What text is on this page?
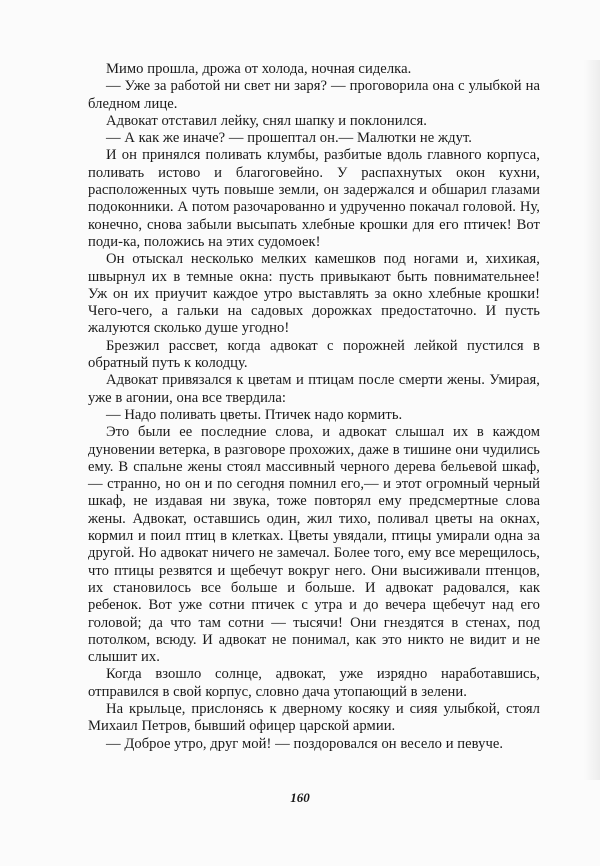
Мимо прошла, дрожа от холода, ночная сиделка.

— Уже за работой ни свет ни заря? — проговорила она с улыбкой на бледном лице.

Адвокат отставил лейку, снял шапку и поклонился.

— А как же иначе? — прошептал он.— Малютки не ждут.

И он принялся поливать клумбы, разбитые вдоль главного корпуса, поливать истово и благоговейно. У распахнутых окон кухни, расположенных чуть повыше земли, он задержался и обшарил глазами подоконники. А потом разочарованно и удрученно покачал головой. Ну, конечно, снова забыли высыпать хлебные крошки для его птичек! Вот поди-ка, положись на этих судомоек!

Он отыскал несколько мелких камешков под ногами и, хихикая, швырнул их в темные окна: пусть привыкают быть повнимательнее! Уж он их приучит каждое утро выставлять за окно хлебные крошки! Чего-чего, а гальки на садовых дорожках предостаточно. И пусть жалуются сколько душе угодно!

Брезжил рассвет, когда адвокат с порожней лейкой пустился в обратный путь к колодцу.

Адвокат привязался к цветам и птицам после смерти жены. Умирая, уже в агонии, она все твердила:

— Надо поливать цветы. Птичек надо кормить.

Это были ее последние слова, и адвокат слышал их в каждом дуновении ветерка, в разговоре прохожих, даже в тишине они чудились ему. В спальне жены стоял массивный черного дерева бельевой шкаф,— странно, но он и по сегодня помнил его,— и этот огромный черный шкаф, не издавая ни звука, тоже повторял ему предсмертные слова жены. Адвокат, оставшись один, жил тихо, поливал цветы на окнах, кормил и поил птиц в клетках. Цветы увядали, птицы умирали одна за другой. Но адвокат ничего не замечал. Более того, ему все мерещилось, что птицы резвятся и щебечут вокруг него. Они высиживали птенцов, их становилось все больше и больше. И адвокат радовался, как ребенок. Вот уже сотни птичек с утра и до вечера щебечут над его головой; да что там сотни — тысячи! Они гнездятся в стенах, под потолком, всюду. И адвокат не понимал, как это никто не видит и не слышит их.

Когда взошло солнце, адвокат, уже изрядно наработавшись, отправился в свой корпус, словно дача утопающий в зелени.

На крыльце, прислонясь к дверному косяку и сияя улыбкой, стоял Михаил Петров, бывший офицер царской армии.

— Доброе утро, друг мой! — поздоровался он весело и певуче.

160
